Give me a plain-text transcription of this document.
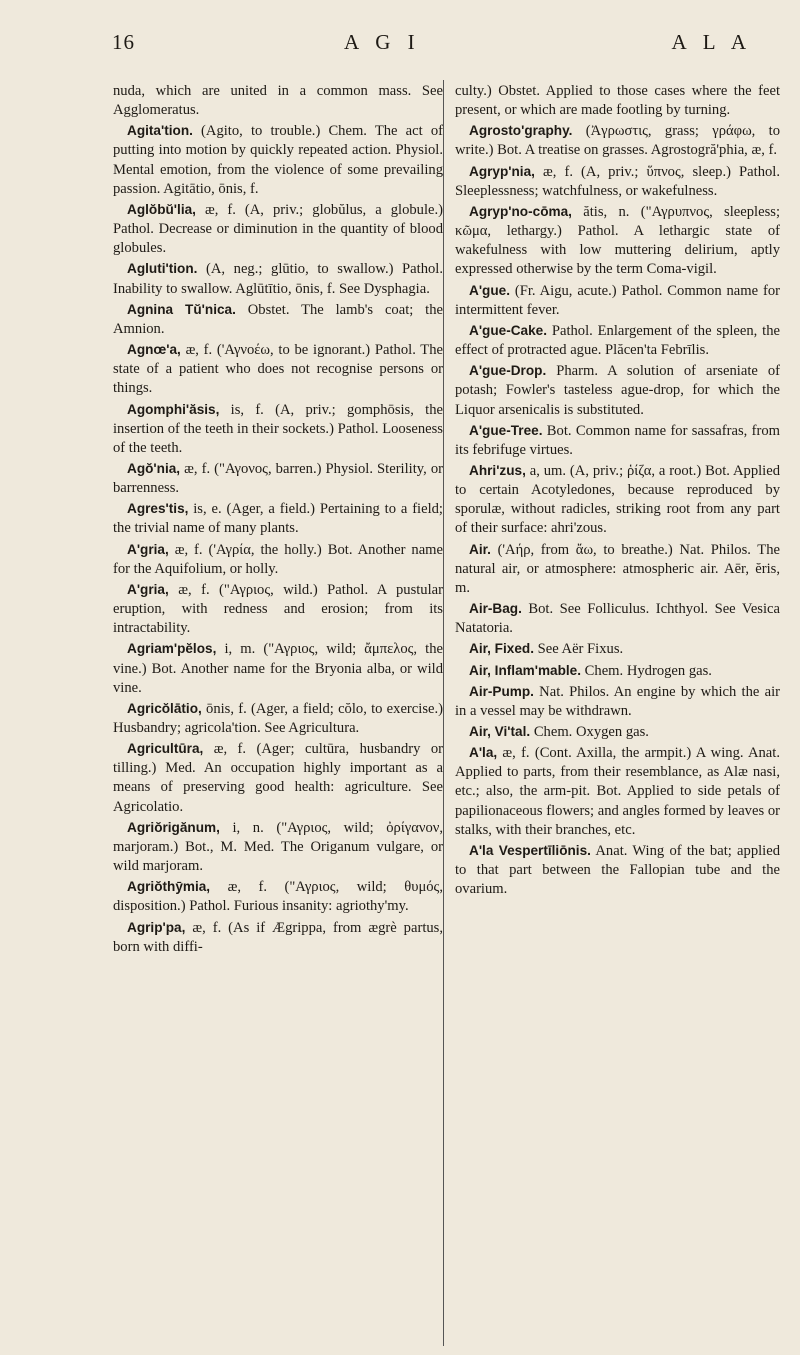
16	A G I	A L A

nuda, which are united in a common mass. See Agglomeratus.

Agita'tion. (Agito, to trouble.) Chem. The act of putting into motion by quickly repeated action. Physiol. Mental emotion, from the violence of some prevailing passion. Agitātio, ōnis, f.

Aglŏbŭ'lia, æ, f. (A, priv.; globŭlus, a globule.) Pathol. Decrease or diminution in the quantity of blood globules.

Agluti'tion. (A, neg.; glūtio, to swallow.) Pathol. Inability to swallow. Aglūtītio, ōnis, f. See Dysphagia.

Agnina Tŭ'nica. Obstet. The lamb's coat; the Amnion.

Agnœ'a, æ, f. ('Αγνοέω, to be ignorant.) Pathol. The state of a patient who does not recognise persons or things.

Agomphi'ăsis, is, f. (A, priv.; gomphōsis, the insertion of the teeth in their sockets.) Pathol. Looseness of the teeth.

Agŏ'nia, æ, f. ("Αγονος, barren.) Physiol. Sterility, or barrenness.

Agres'tis, is, e. (Ager, a field.) Pertaining to a field; the trivial name of many plants.

A'gria, æ, f. ('Αγρία, the holly.) Bot. Another name for the Aquifolium, or holly.

A'gria, æ, f. ("Αγριος, wild.) Pathol. A pustular eruption, with redness and erosion; from its intractability.

Agriam'pĕlos, i, m. ("Αγριος, wild; ἄμπελος, the vine.) Bot. Another name for the Bryonia alba, or wild vine.

Agricŏlātio, ōnis, f. (Ager, a field; cŏlo, to exercise.) Husbandry; agricola'tion. See Agricultura.

Agricultūra, æ, f. (Ager; cultūra, husbandry or tilling.) Med. An occupation highly important as a means of preserving good health: agriculture. See Agricolatio.

Agriŏrigănum, i, n. ("Αγριος, wild; ὀρίγανον, marjoram.) Bot., M. Med. The Origanum vulgare, or wild marjoram.

Agriŏthȳmia, æ, f. ("Αγριος, wild; θυμός, disposition.) Pathol. Furious insanity: agriothy'my.

Agrip'pa, æ, f. (As if Ægrippa, from ægrè partus, born with diffi-

culty.) Obstet. Applied to those cases where the feet present, or which are made footling by turning.

Agrosto'graphy. (Ἀγρωστις, grass; γράφω, to write.) Bot. A treatise on grasses. Agrostogră'phia, æ, f.

Agryp'nia, æ, f. (A, priv.; ὕπνος, sleep.) Pathol. Sleeplessness; watchfulness, or wakefulness.

Agryp'no-cōma, ătis, n. ("Αγρυπνος, sleepless; κῶμα, lethargy.) Pathol. A lethargic state of wakefulness with low muttering delirium, aptly expressed otherwise by the term Coma-vigil.

A'gue. (Fr. Aigu, acute.) Pathol. Common name for intermittent fever.

A'gue-Cake. Pathol. Enlargement of the spleen, the effect of protracted ague. Plăcen'ta Febrīlis.

A'gue-Drop. Pharm. A solution of arseniate of potash; Fowler's tasteless ague-drop, for which the Liquor arsenicalis is substituted.

A'gue-Tree. Bot. Common name for sassafras, from its febrifuge virtues.

Ahri'zus, a, um. (A, priv.; ῥίζα, a root.) Bot. Applied to certain Acotyledones, because reproduced by sporulæ, without radicles, striking root from any part of their surface: ahri'zous.

Air. ('Αήρ, from ἄω, to breathe.) Nat. Philos. The natural air, or atmosphere: atmospheric air. Aēr, ĕris, m.

Air-Bag. Bot. See Folliculus. Ichthyol. See Vesica Natatoria.

Air, Fixed. See Aër Fixus.

Air, Inflam'mable. Chem. Hydrogen gas.

Air-Pump. Nat. Philos. An engine by which the air in a vessel may be withdrawn.

Air, Vi'tal. Chem. Oxygen gas.

A'la, æ, f. (Cont. Axilla, the armpit.) A wing. Anat. Applied to parts, from their resemblance, as Alæ nasi, etc.; also, the arm-pit. Bot. Applied to side petals of papilionaceous flowers; and angles formed by leaves or stalks, with their branches, etc.

A'la Vespertīliōnis. Anat. Wing of the bat; applied to that part between the Fallopian tube and the ovarium.
